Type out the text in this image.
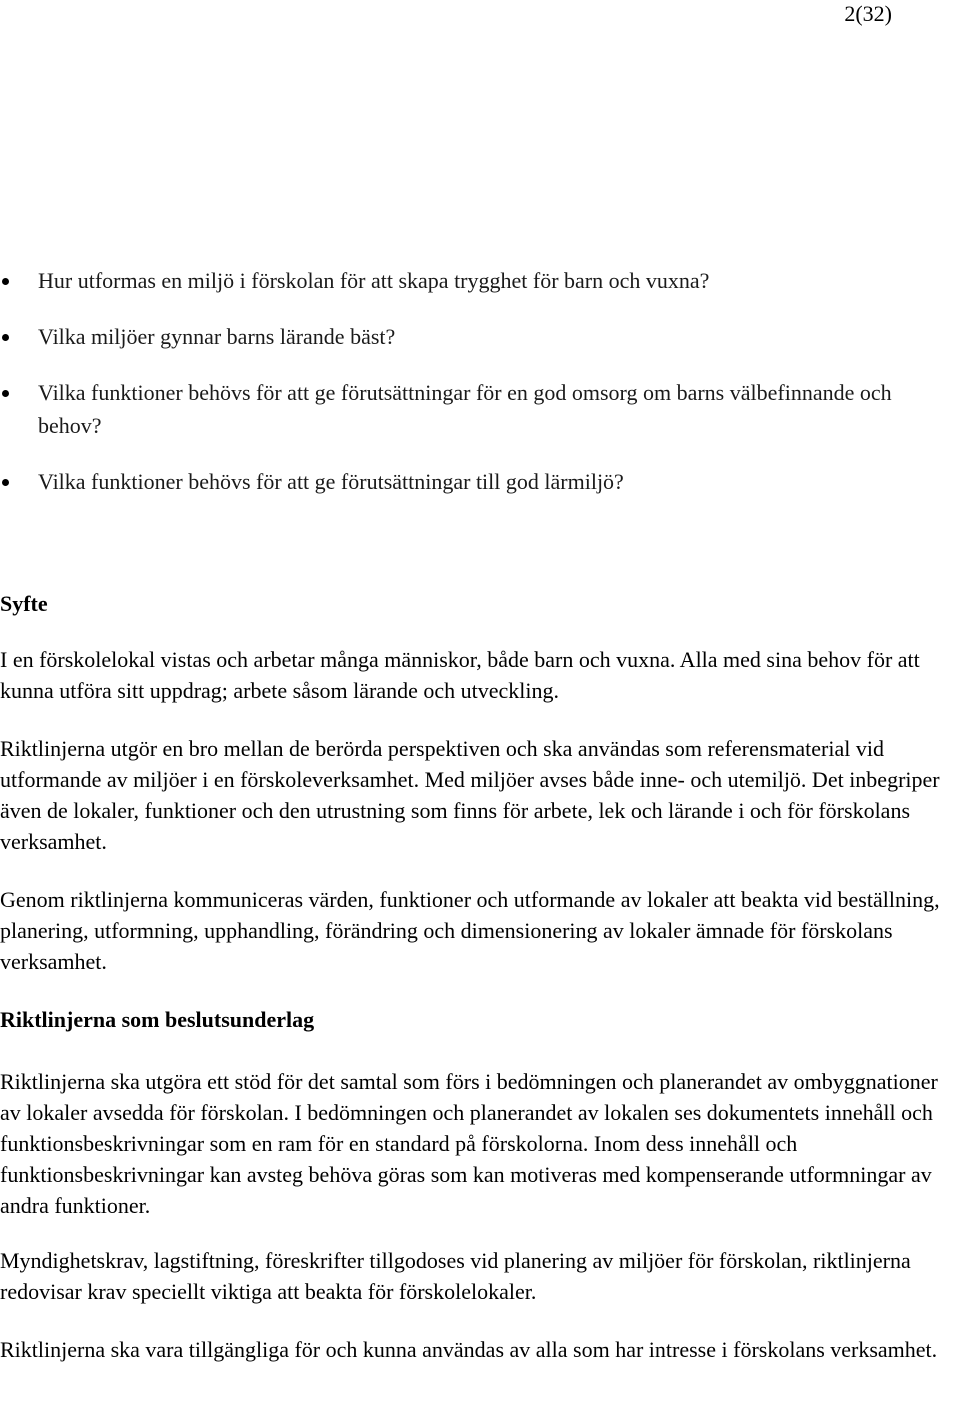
2(32)
Hur utformas en miljö i förskolan för att skapa trygghet för barn och vuxna?
Vilka miljöer gynnar barns lärande bäst?
Vilka funktioner behövs för att ge förutsättningar för en god omsorg om barns välbefinnande och behov?
Vilka funktioner behövs för att ge förutsättningar till god lärmiljö?
Syfte

I en förskolelokal vistas och arbetar många människor, både barn och vuxna. Alla med sina behov för att kunna utföra sitt uppdrag; arbete såsom lärande och utveckling.

Riktlinjerna utgör en bro mellan de berörda perspektiven och ska användas som referensmaterial vid utformande av miljöer i en förskoleverksamhet. Med miljöer avses både inne- och utemiljö. Det inbegriper även de lokaler, funktioner och den utrustning som finns för arbete, lek och lärande i och för förskolans verksamhet.

Genom riktlinjerna kommuniceras värden, funktioner och utformande av lokaler att beakta vid beställning, planering, utformning, upphandling, förändring och dimensionering av lokaler ämnade för förskolans verksamhet.

Riktlinjerna som beslutsunderlag

Riktlinjerna ska utgöra ett stöd för det samtal som förs i bedömningen och planerandet av ombyggnationer av lokaler avsedda för förskolan. I bedömningen och planerandet av lokalen ses dokumentets innehåll och funktionsbeskrivningar som en ram för en standard på förskolorna. Inom dess innehåll och funktionsbeskrivningar kan avsteg behöva göras som kan motiveras med kompenserande utformningar av andra funktioner.

Myndighetskrav, lagstiftning, föreskrifter tillgodoses vid planering av miljöer för förskolan, riktlinjerna redovisar krav speciellt viktiga att beakta för förskolelokaler.

Riktlinjerna ska vara tillgängliga för och kunna användas av alla som har intresse i förskolans verksamhet.
